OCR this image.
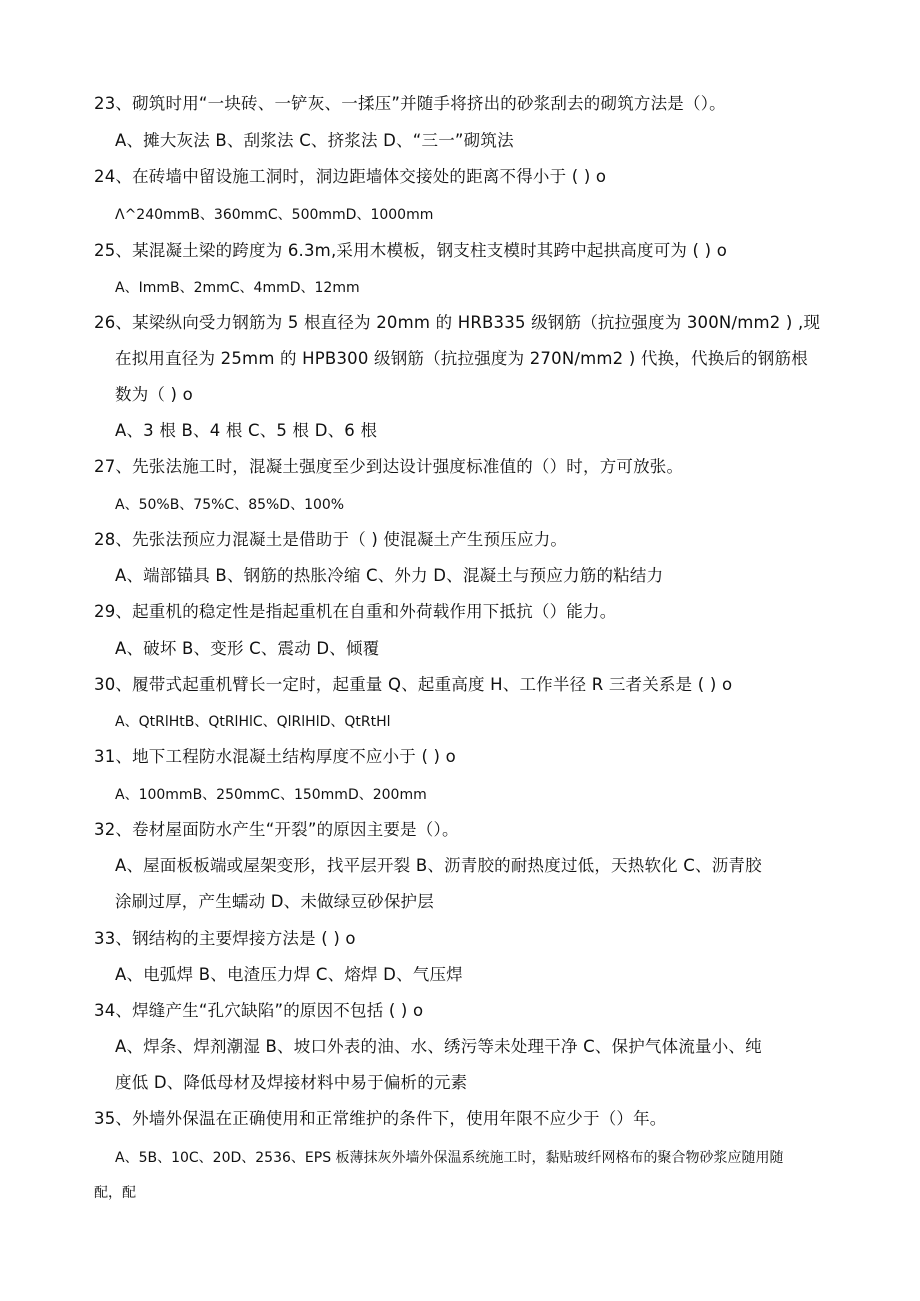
23、砌筑时用“一块砖、一铲灰、一揉压”并随手将挤出的砂浆刮去的砌筑方法是（）。
A、摊大灰法 B、刮浆法 C、挤浆法 D、“三一”砌筑法
24、在砖墙中留设施工洞时，洞边距墙体交接处的距离不得小于 ( ) o
Λ^240mmB、360mmC、500mmD、1000mm
25、某混凝土梁的跨度为 6.3m,采用木模板，钢支柱支模时其跨中起拱高度可为 ( ) o
A、ImmB、2mmC、4mmD、12mm
26、某梁纵向受力钢筋为 5 根直径为 20mm 的 HRB335 级钢筋（抗拉强度为 300N∕mm2 ) ,现
在拟用直径为 25mm 的 HPB300 级钢筋（抗拉强度为 270N∕mm2 ) 代换，代换后的钢筋根
数为（ ) o
A、3 根 B、4 根 C、5 根 D、6 根
27、先张法施工时，混凝土强度至少到达设计强度标准值的（）时，方可放张。
A、50%B、75%C、85%D、100%
28、先张法预应力混凝土是借助于（ ) 使混凝土产生预压应力。
A、端部锚具 B、钢筋的热胀冷缩 C、外力 D、混凝土与预应力筋的粘结力
29、起重机的稳定性是指起重机在自重和外荷载作用下抵抗（）能力。
A、破坏 B、变形 C、震动 D、倾覆
30、履带式起重机臂长一定时，起重量 Q、起重高度 H、工作半径 R 三者关系是 ( ) o
A、QtRlHtB、QtRlHlC、QlRlHlD、QtRtHl
31、地下工程防水混凝土结构厚度不应小于 ( ) o
A、100mmB、250mmC、150mmD、200mm
32、卷材屋面防水产生“开裂”的原因主要是（）。
A、屋面板板端或屋架变形，找平层开裂 B、沥青胶的耐热度过低，天热软化 C、沥青胶
涂刷过厚，产生蠕动 D、未做绿豆砂保护层
33、钢结构的主要焊接方法是 ( ) o
A、电弧焊 B、电渣压力焊 C、熔焊 D、气压焊
34、焊缝产生“孔穴缺陷”的原因不包括 ( ) o
A、焊条、焊剂潮湿 B、坡口外表的油、水、绣污等未处理干净 C、保护气体流量小、纯
度低 D、降低母材及焊接材料中易于偏析的元素
35、外墙外保温在正确使用和正常维护的条件下，使用年限不应少于（）年。
A、5B、10C、20D、2536、EPS 板薄抹灰外墙外保温系统施工时，黏贴玻纤网格布的聚合物砂浆应随用随
配，配
